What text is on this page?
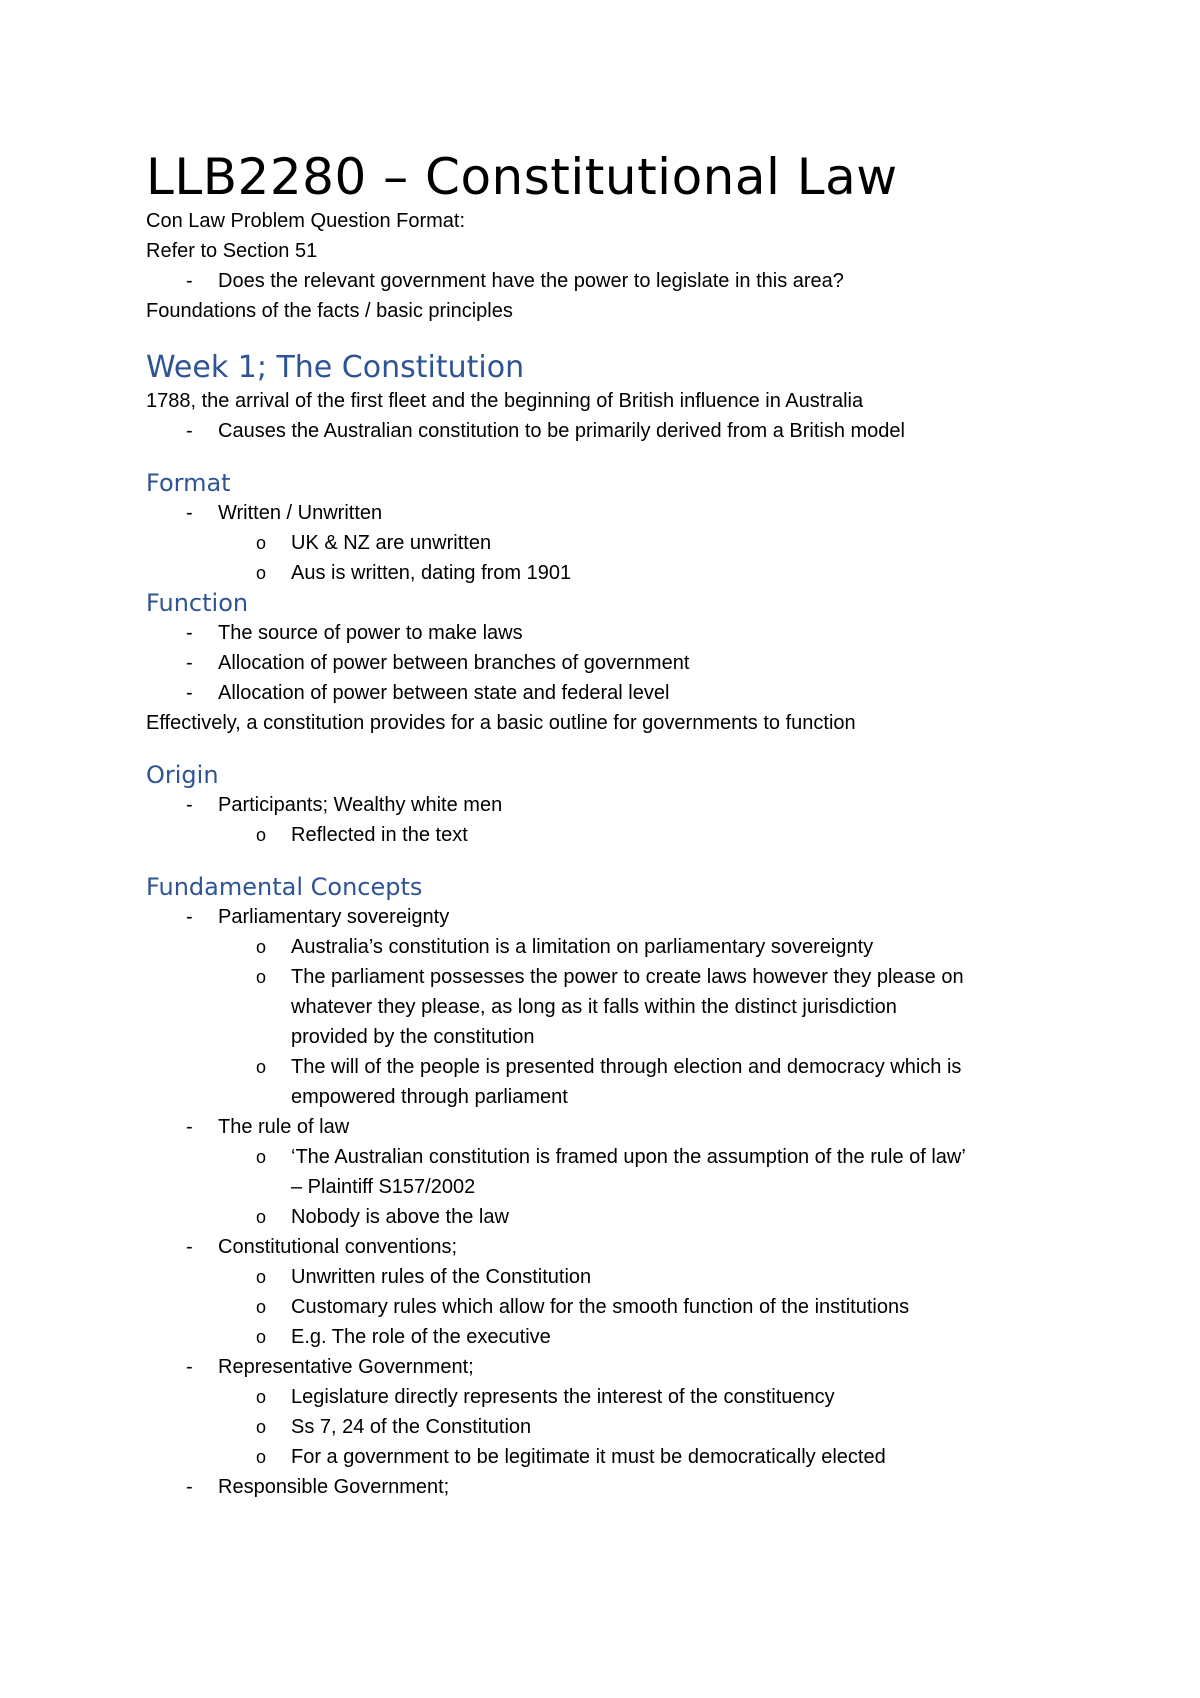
LLB2280 – Constitutional Law
Con Law Problem Question Format:
Refer to Section 51
- Does the relevant government have the power to legislate in this area?
Foundations of the facts / basic principles
Week 1; The Constitution
1788, the arrival of the first fleet and the beginning of British influence in Australia
- Causes the Australian constitution to be primarily derived from a British model
Format
- Written / Unwritten
o UK & NZ are unwritten
o Aus is written, dating from 1901
Function
- The source of power to make laws
- Allocation of power between branches of government
- Allocation of power between state and federal level
Effectively, a constitution provides for a basic outline for governments to function
Origin
- Participants; Wealthy white men
o Reflected in the text
Fundamental Concepts
- Parliamentary sovereignty
o Australia’s constitution is a limitation on parliamentary sovereignty
o The parliament possesses the power to create laws however they please on
whatever they please, as long as it falls within the distinct jurisdiction
provided by the constitution
o The will of the people is presented through election and democracy which is
empowered through parliament
- The rule of law
o ‘The Australian constitution is framed upon the assumption of the rule of law’
– Plaintiff S157/2002
o Nobody is above the law
- Constitutional conventions;
o Unwritten rules of the Constitution
o Customary rules which allow for the smooth function of the institutions
o E.g. The role of the executive
- Representative Government;
o Legislature directly represents the interest of the constituency
o Ss 7, 24 of the Constitution
o For a government to be legitimate it must be democratically elected
- Responsible Government;
